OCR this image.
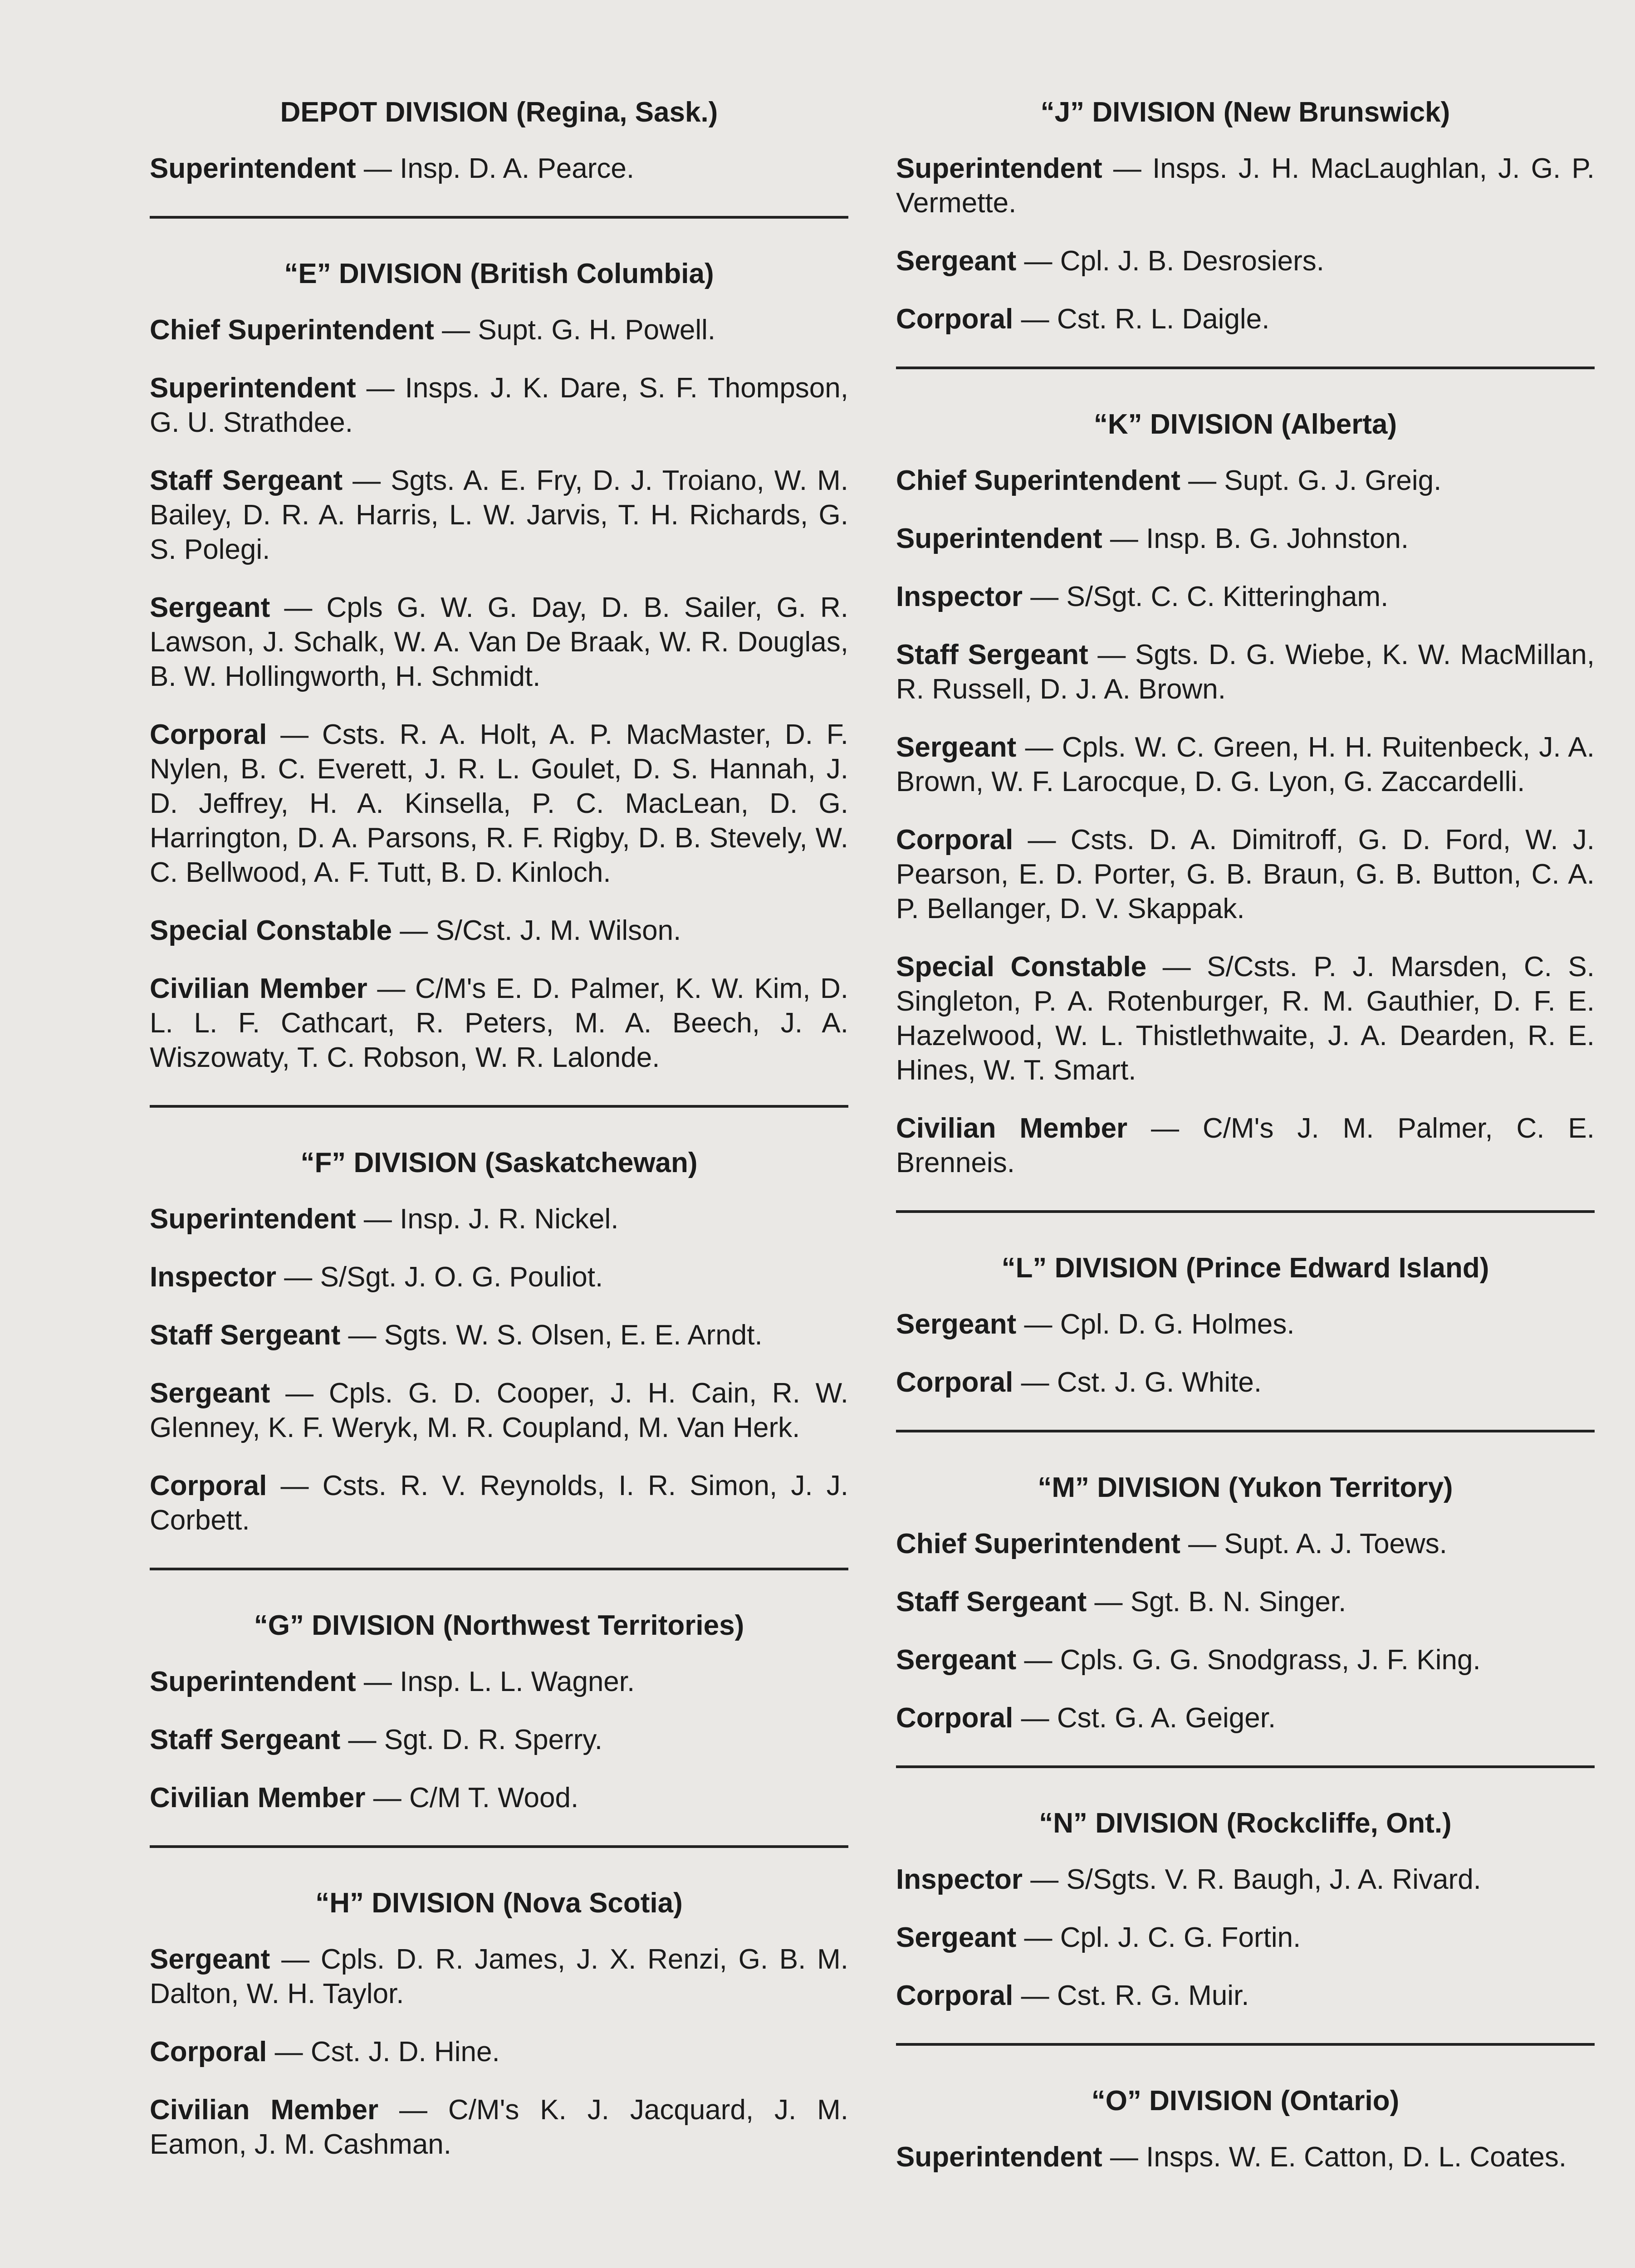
DEPOT DIVISION (Regina, Sask.)

Superintendent — Insp. D. A. Pearce.

“E” DIVISION (British Columbia)

Chief Superintendent — Supt. G. H. Powell.

Superintendent — Insps. J. K. Dare, S. F. Thompson, G. U. Strathdee.

Staff Sergeant — Sgts. A. E. Fry, D. J. Troiano, W. M. Bailey, D. R. A. Harris, L. W. Jarvis, T. H. Richards, G. S. Polegi.

Sergeant — Cpls G. W. G. Day, D. B. Sailer, G. R. Lawson, J. Schalk, W. A. Van De Braak, W. R. Douglas, B. W. Hollingworth, H. Schmidt.

Corporal — Csts. R. A. Holt, A. P. MacMaster, D. F. Nylen, B. C. Everett, J. R. L. Goulet, D. S. Hannah, J. D. Jeffrey, H. A. Kinsella, P. C. MacLean, D. G. Harrington, D. A. Parsons, R. F. Rigby, D. B. Stevely, W. C. Bellwood, A. F. Tutt, B. D. Kinloch.

Special Constable — S/Cst. J. M. Wilson.

Civilian Member — C/M's E. D. Palmer, K. W. Kim, D. L. L. F. Cathcart, R. Peters, M. A. Beech, J. A. Wiszowaty, T. C. Robson, W. R. Lalonde.

“F” DIVISION (Saskatchewan)

Superintendent — Insp. J. R. Nickel.

Inspector — S/Sgt. J. O. G. Pouliot.

Staff Sergeant — Sgts. W. S. Olsen, E. E. Arndt.

Sergeant — Cpls. G. D. Cooper, J. H. Cain, R. W. Glenney, K. F. Weryk, M. R. Coupland, M. Van Herk.

Corporal — Csts. R. V. Reynolds, I. R. Simon, J. J. Corbett.

“G” DIVISION (Northwest Territories)

Superintendent — Insp. L. L. Wagner.

Staff Sergeant — Sgt. D. R. Sperry.

Civilian Member — C/M T. Wood.

“H” DIVISION (Nova Scotia)

Sergeant — Cpls. D. R. James, J. X. Renzi, G. B. M. Dalton, W. H. Taylor.

Corporal — Cst. J. D. Hine.

Civilian Member — C/M's K. J. Jacquard, J. M. Eamon, J. M. Cashman.

“J” DIVISION (New Brunswick)

Superintendent — Insps. J. H. MacLaughlan, J. G. P. Vermette.

Sergeant — Cpl. J. B. Desrosiers.

Corporal — Cst. R. L. Daigle.

“K” DIVISION (Alberta)

Chief Superintendent — Supt. G. J. Greig.

Superintendent — Insp. B. G. Johnston.

Inspector — S/Sgt. C. C. Kitteringham.

Staff Sergeant — Sgts. D. G. Wiebe, K. W. MacMillan, R. Russell, D. J. A. Brown.

Sergeant — Cpls. W. C. Green, H. H. Ruitenbeck, J. A. Brown, W. F. Larocque, D. G. Lyon, G. Zaccardelli.

Corporal — Csts. D. A. Dimitroff, G. D. Ford, W. J. Pearson, E. D. Porter, G. B. Braun, G. B. Button, C. A. P. Bellanger, D. V. Skappak.

Special Constable — S/Csts. P. J. Marsden, C. S. Singleton, P. A. Rotenburger, R. M. Gauthier, D. F. E. Hazelwood, W. L. Thistlethwaite, J. A. Dearden, R. E. Hines, W. T. Smart.

Civilian Member — C/M's J. M. Palmer, C. E. Brenneis.

“L” DIVISION (Prince Edward Island)

Sergeant — Cpl. D. G. Holmes.

Corporal — Cst. J. G. White.

“M” DIVISION (Yukon Territory)

Chief Superintendent — Supt. A. J. Toews.

Staff Sergeant — Sgt. B. N. Singer.

Sergeant — Cpls. G. G. Snodgrass, J. F. King.

Corporal — Cst. G. A. Geiger.

“N” DIVISION (Rockcliffe, Ont.)

Inspector — S/Sgts. V. R. Baugh, J. A. Rivard.

Sergeant — Cpl. J. C. G. Fortin.

Corporal — Cst. R. G. Muir.

“O” DIVISION (Ontario)

Superintendent — Insps. W. E. Catton, D. L. Coates.
